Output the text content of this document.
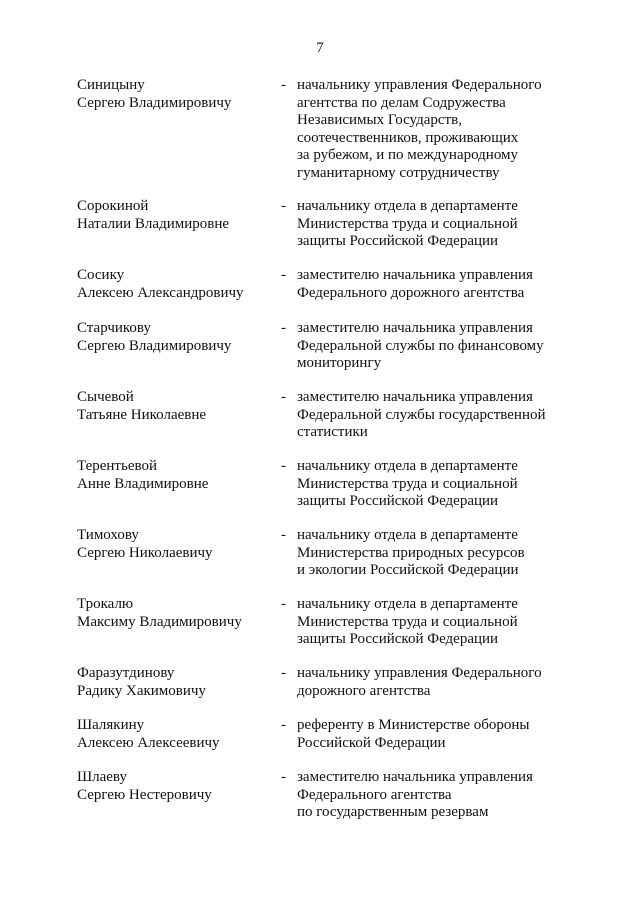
7
Синицыну
Сергею Владимировичу
- начальнику управления Федерального
агентства по делам Содружества
Независимых Государств,
соотечественников, проживающих
за рубежом, и по международному
гуманитарному сотрудничеству
Сорокиной
Наталии Владимировне
- начальнику отдела в департаменте
Министерства труда и социальной
защиты Российской Федерации
Сосику
Алексею Александровичу
- заместителю начальника управления
Федерального дорожного агентства
Старчикову
Сергею Владимировичу
- заместителю начальника управления
Федеральной службы по финансовому
мониторингу
Сычевой
Татьяне Николаевне
- заместителю начальника управления
Федеральной службы государственной
статистики
Терентьевой
Анне Владимировне
- начальнику отдела в департаменте
Министерства труда и социальной
защиты Российской Федерации
Тимохову
Сергею Николаевичу
- начальнику отдела в департаменте
Министерства природных ресурсов
и экологии Российской Федерации
Трокалю
Максиму Владимировичу
- начальнику отдела в департаменте
Министерства труда и социальной
защиты Российской Федерации
Фаразутдинову
Радику Хакимовичу
- начальнику управления Федерального
дорожного агентства
Шалякину
Алексею Алексеевичу
- референту в Министерстве обороны
Российской Федерации
Шлаеву
Сергею Нестеровичу
- заместителю начальника управления
Федерального агентства
по государственным резервам
